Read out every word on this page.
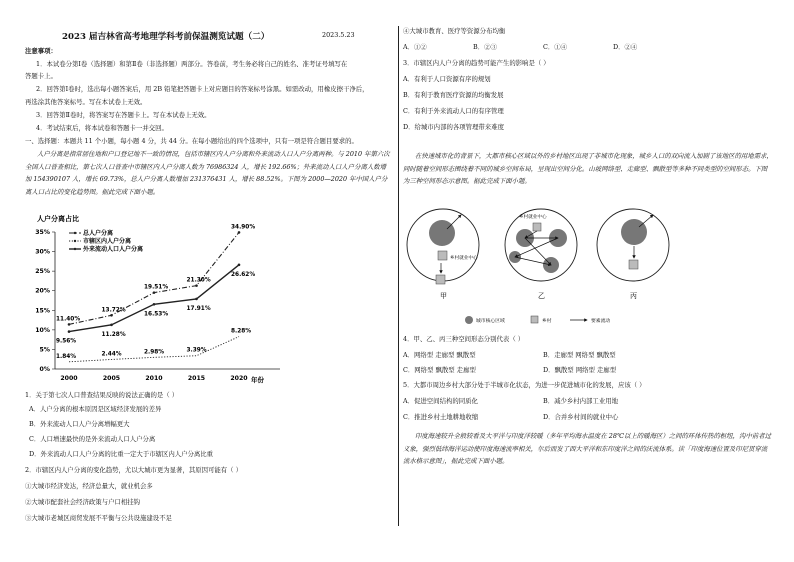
2023 届吉林省高考地理学科考前保温测览试题（二）	2023.5.23
注意事项：
1．本试卷分第Ⅰ卷（选择题）和第Ⅱ卷（非选择题）两部分。答卷前，考生务必将自己的姓名、准考证号填写在
答题卡上。
2．回答第Ⅰ卷时，选出每小题答案后，用 2B 铅笔把答题卡上对应题目的答案标号涂黑。如需改动，用橡皮擦干净后，
再选涂其他答案标号。写在本试卷上无效。
3．回答第Ⅱ卷时，将答案写在答题卡上。写在本试卷上无效。
4．考试结束后，将本试卷和答题卡一并交回。
一、选择题：本题共 11 个小题，每小题 4 分，共 44 分。在每小题给出的四个选项中，只有一项是符合题目要求的。
人户分离是指常居住地和户口登记地不一致的情况，包括市辖区内人户分离和外来流动人口人户分离两种。与 2010 年第六次全国人口普查相比，第七次人口普查中市辖区内人户分离人数为 76986324 人，增长 192.66%；外来流动人口人户分离人数增加 154390107 人，增长 69.73%，总人户分离人数增加 231376431 人，增长 88.52%。下图为 2000—2020 年中国人户分离人口占比的变化趋势图。据此完成下面小题。
人户分离占比
0%
5%
10%
15%
20%
25%
30%
35%
2000	2005	2010	2015	2020 年份
11.40%
13.72%
19.51%
21.30%
34.90%
1.84%	2.44%	2.98%	3.39%
8.28%
9.56%
11.28%
16.53%
17.91%
26.62%
总人户分离
市辖区内人户分离
外来流动人口人户分离
1．关于第七次人口普查结果反映的说法正确的是（ ）
A．人户分离的根本原因是区域经济发展的差异
B．外来流动人口人户分离增幅更大
C．人口增速最快的是外来流动人口人户分离
D．外来流动人口人户分离的比重一定大于市辖区内人户分离比重
2．市辖区内人户分离的变化趋势，尤以大城市更为显著，其原因可能有（ ）
①大城市经济发达，经济总量大，就业机会多
②大城市配套社会经济政策与户口相挂钩
③大城市老城区商贸发展不平衡与公共设施建设不足
④大城市教育、医疗等资源分布均衡
A．①②	B．②③	C．①④	D．②④
3．市辖区内人户分离的趋势可能产生的影响是（ ）
A．有利于人口资源有序的规划
B．有利于教育医疗资源的均衡发展
C．有利于外来流动人口的有序管理
D．给城市内部的各项管理带来难度
在快速城市化的背景下，大都市核心区域以外的乡村地区出现了非城市化现象，城乡人口的双向流入加剧了该地区的用地需求，同时随着空间形态围绕着不同的城乡空间布局，呈现出空间分化。山坡网络型、走廊型、飘散型等多种不同类型的空间形态。下图为三种空间形态示意图。据此完成下面小题。
乡村就业中心
甲
乡村就业中心
乙	丙
城市核心区域	乡村	要素流动
4．甲、乙、丙三种空间形态分别代表（ ）
A．网络型 走廊型 飘散型	B．走廊型 网络型 飘散型
C．网络型 飘散型 走廊型	D．飘散型 网络型 走廊型
5．大都市周边乡村大部分处于半城市化状态，为进一步促进城市化的发展，应该（ ）
A．促进空间结构的同质化	B．减少乡村内部工业用地
C．推进乡村土地耕地收缩	D．合并乡村间的就业中心
印度海速较升全般较看及大平洋与印度洋较暖（多年平均海水温度在 28℃以上的暖海区）之间的环体传热的枢纽，沟中前者过义象，强烈低纬海洋运动使印度海速流率相关，尔后而发了西大平洋和东印度洋之间的沃流体系。读「印度海速位置及印尼贯穿流流水格示意图」，据此完成下面小题。
